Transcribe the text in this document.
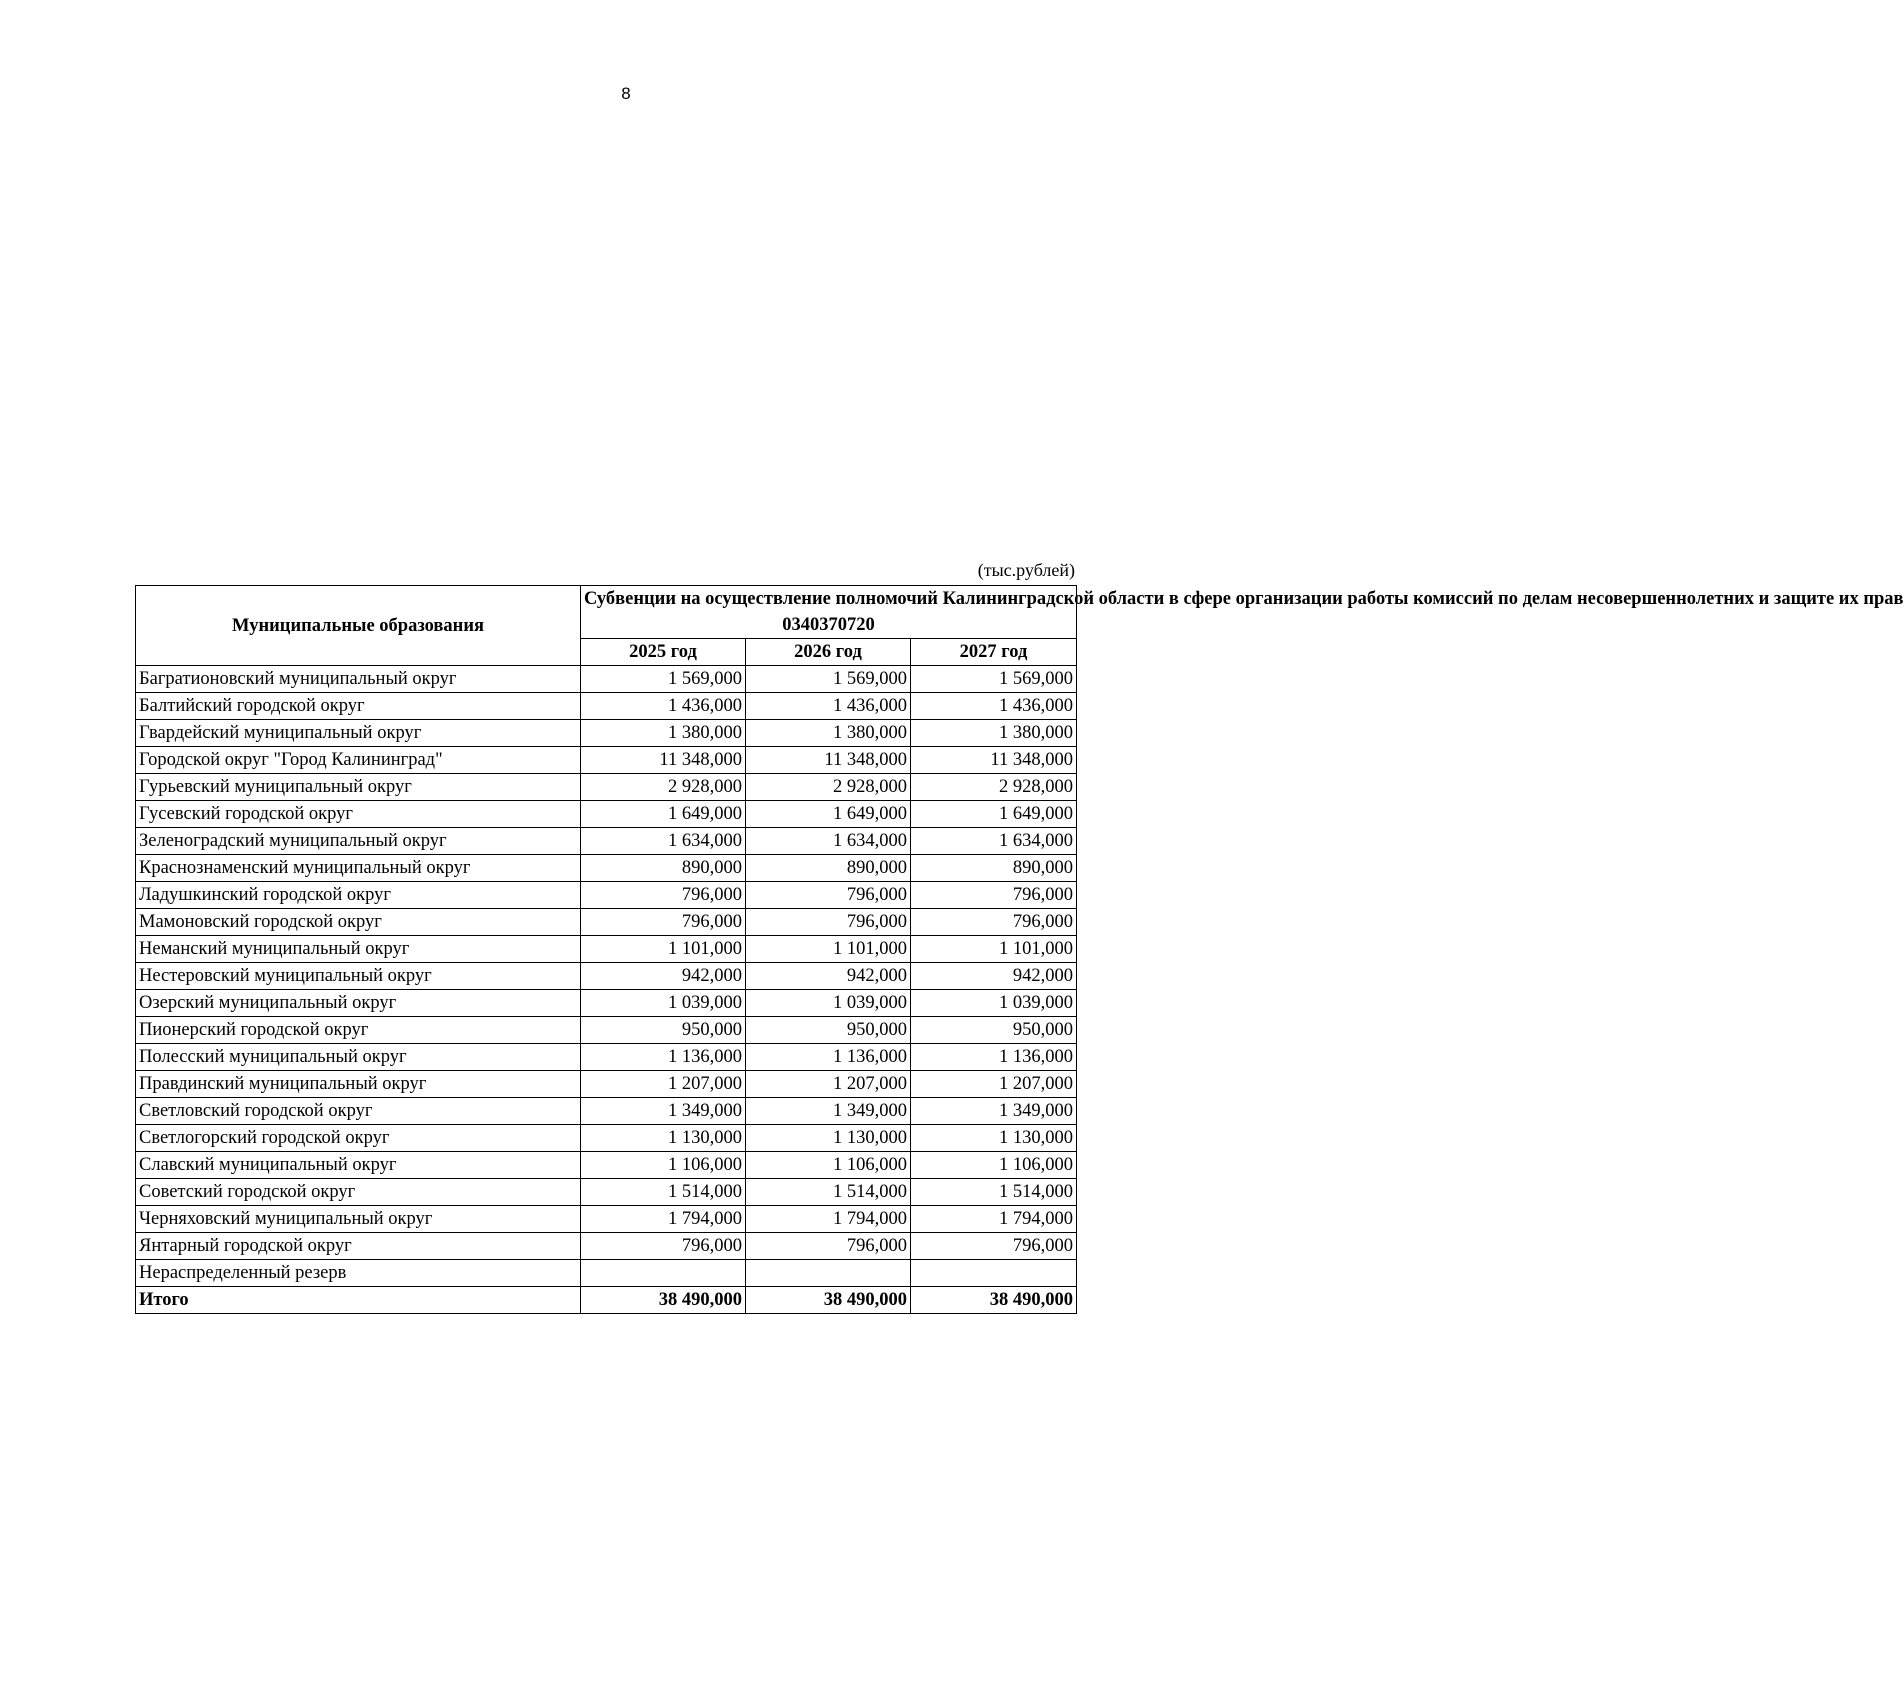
8
(тыс.рублей)
Муниципальные образования	Субвенции на осуществление полномочий Калининградской области в сфере организации работы комиссий по делам несовершеннолетних и защите их прав
0340370720		

	2025 год	2026 год	2027 год
Багратионовский муниципальный округ	1 569,000	1 569,000	1 569,000
Балтийский городской округ	1 436,000	1 436,000	1 436,000
Гвардейский муниципальный округ	1 380,000	1 380,000	1 380,000
Городской округ "Город Калининград"	11 348,000	11 348,000	11 348,000
Гурьевский муниципальный округ	2 928,000	2 928,000	2 928,000
Гусевский городской округ	1 649,000	1 649,000	1 649,000
Зеленоградский муниципальный округ	1 634,000	1 634,000	1 634,000
Краснознаменский муниципальный округ	890,000	890,000	890,000
Ладушкинский городской округ	796,000	796,000	796,000
Мамоновский городской округ	796,000	796,000	796,000
Неманский муниципальный округ	1 101,000	1 101,000	1 101,000
Нестеровский муниципальный округ	942,000	942,000	942,000
Озерский муниципальный округ	1 039,000	1 039,000	1 039,000
Пионерский городской округ	950,000	950,000	950,000
Полесский муниципальный округ	1 136,000	1 136,000	1 136,000
Правдинский муниципальный округ	1 207,000	1 207,000	1 207,000
Светловский городской округ	1 349,000	1 349,000	1 349,000
Светлогорский городской округ	1 130,000	1 130,000	1 130,000
Славский муниципальный округ	1 106,000	1 106,000	1 106,000
Советский городской округ	1 514,000	1 514,000	1 514,000
Черняховский муниципальный округ	1 794,000	1 794,000	1 794,000
Янтарный городской округ	796,000	796,000	796,000
Нераспределенный резерв			
Итого	38 490,000	38 490,000	38 490,000
